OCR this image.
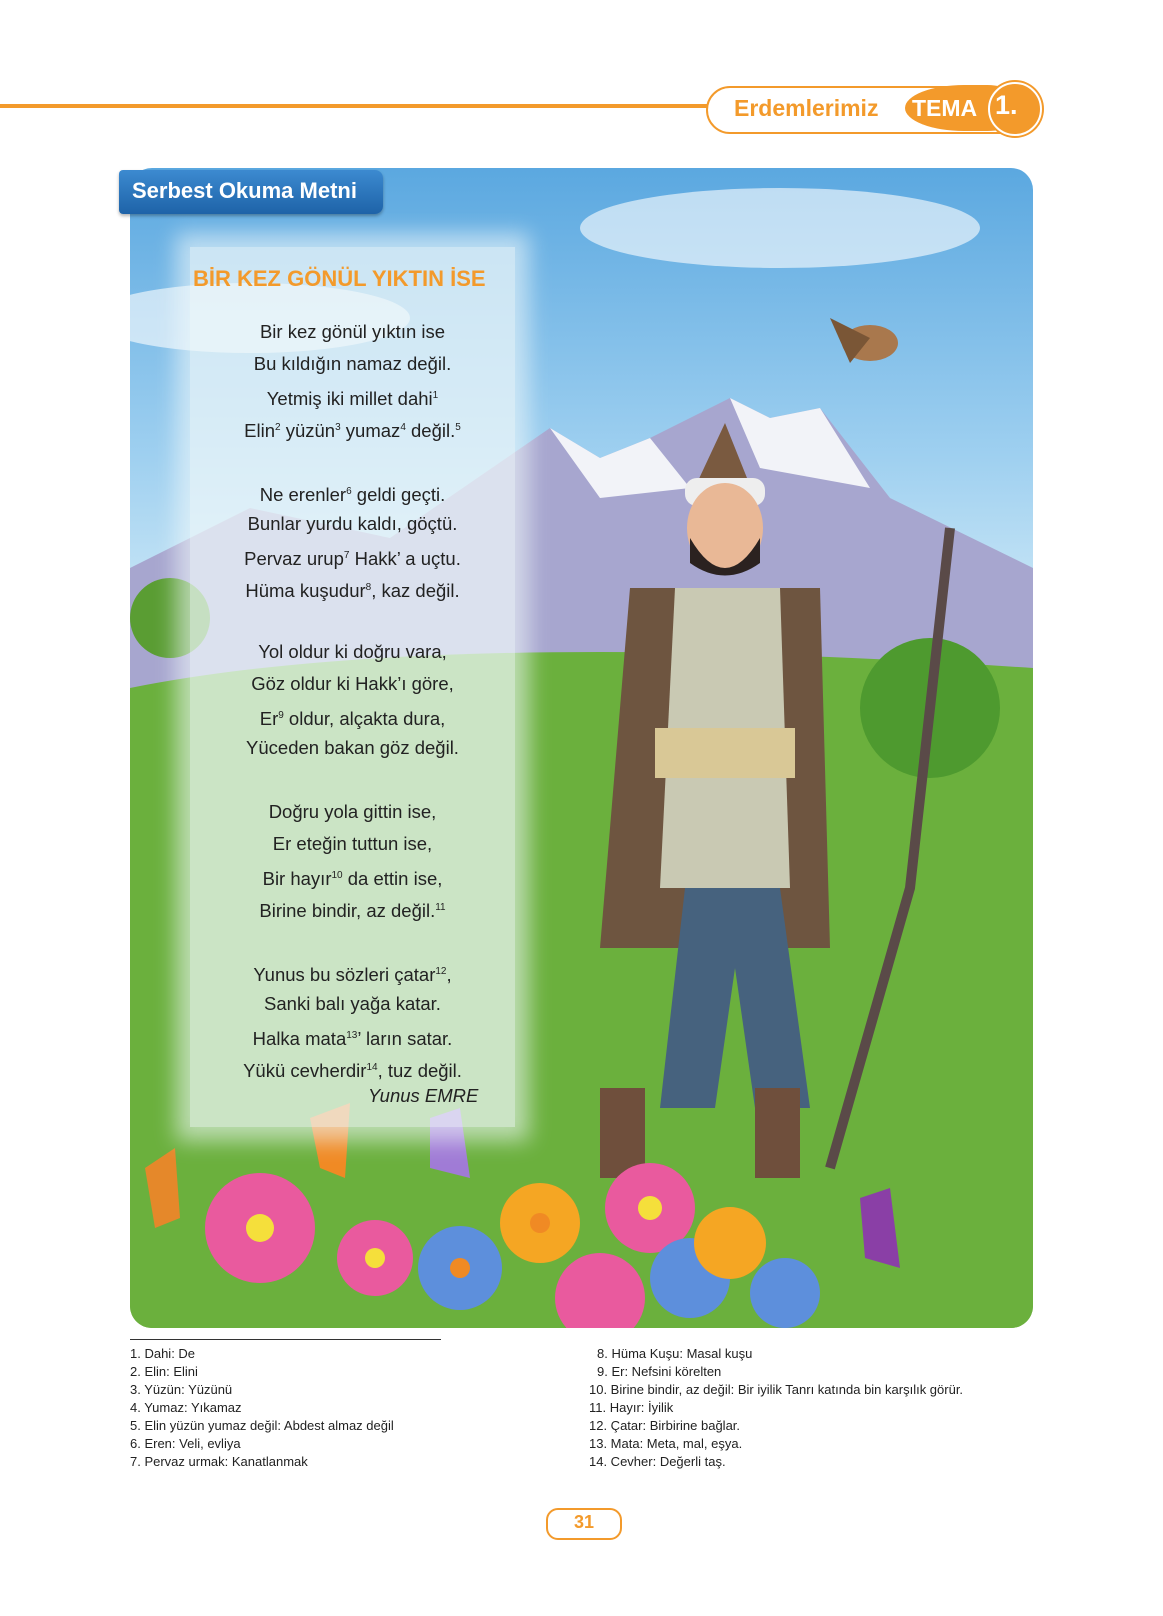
Erdemlerimiz TEMA 1.
Serbest Okuma Metni
BİR KEZ GÖNÜL YIKTIN İSE
Bir kez gönül yıktın ise
Bu kıldığın namaz değil.
Yetmiş iki millet dahi$^1$
Elin$^2$ yüzün$^3$ yumaz$^4$ değil.$^5$
Ne erenler$^6$ geldi geçti.
Bunlar yurdu kaldı, göçtü.
Pervaz urup$^7$ Hakk’ a uçtu.
Hüma kuşudur$^8$, kaz değil.
Yol oldur ki doğru vara,
Göz oldur ki Hakk’ı göre,
Er$^9$ oldur, alçakta dura,
Yüceden bakan göz değil.
Doğru yola gittin ise,
Er eteğin tuttun ise,
Bir hayır$^{10}$ da ettin ise,
Birine bindir, az değil.$^{11}$
Yunus bu sözleri çatar$^{12}$,
Sanki balı yağa katar.
Halka mata$^{13}$’ ların satar.
Yükü cevherdir$^{14}$, tuz değil.
Yunus EMRE
1. Dahi: De
2. Elin: Elini
3. Yüzün: Yüzünü
4. Yumaz: Yıkamaz
5. Elin yüzün yumaz değil: Abdest almaz değil
6. Eren: Veli, evliya
7. Pervaz urmak: Kanatlanmak
8. Hüma Kuşu: Masal kuşu
9. Er: Nefsini körelten
10. Birine bindir, az değil: Bir iyilik Tanrı katında bin karşılık görür.
11. Hayır: İyilik
12. Çatar: Birbirine bağlar.
13. Mata: Meta, mal, eşya.
14. Cevher: Değerli taş.
31
